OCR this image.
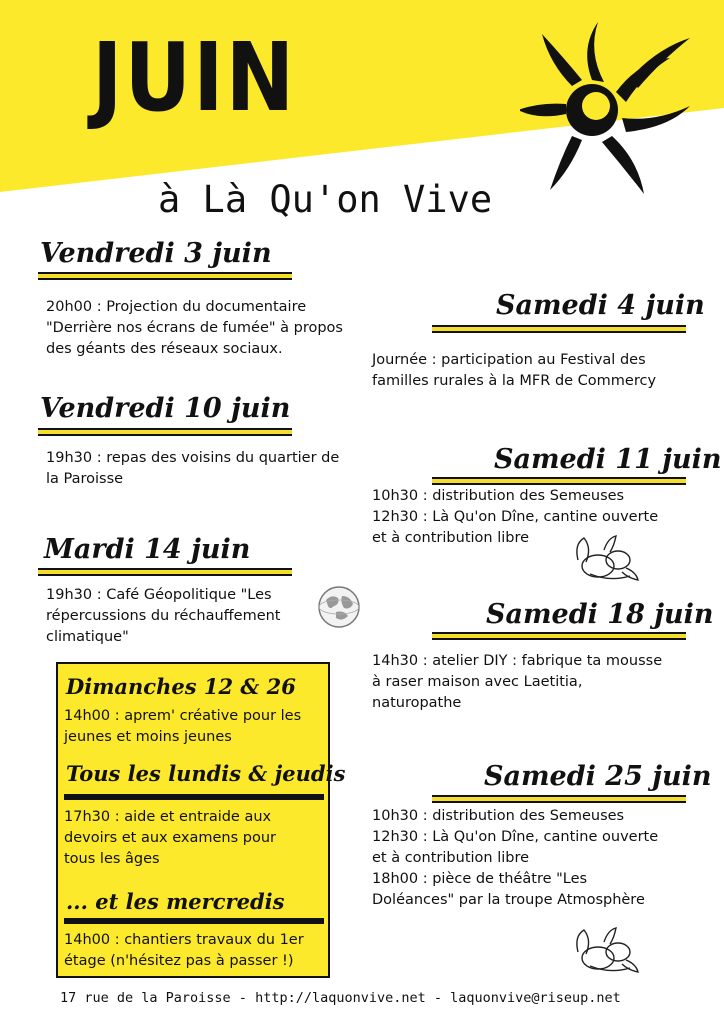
JUIN
à Là Qu'on Vive
Vendredi 3 juin

20h00 : Projection du documentaire

"Derrière nos écrans de fumée" à propos

des géants des réseaux sociaux.

Vendredi 10 juin

19h30 : repas des voisins du quartier de

la Paroisse

Mardi 14 juin

19h30 : Café Géopolitique "Les

répercussions du réchauffement

climatique"

Samedi 4 juin

Journée : participation au Festival des

familles rurales à la MFR de Commercy

Samedi 11 juin

10h30 : distribution des Semeuses

12h30 : Là Qu'on Dîne, cantine ouverte

et à contribution libre

Samedi 18 juin

14h30 : atelier DIY : fabrique ta mousse

à raser maison avec Laetitia,

naturopathe

Samedi 25 juin

10h30 : distribution des Semeuses

12h30 : Là Qu'on Dîne, cantine ouverte

et à contribution libre

18h00 : pièce de théâtre "Les

Doléances" par la troupe Atmosphère

Dimanches 12 & 26

14h00 : aprem' créative pour les

jeunes et moins jeunes

Tous les lundis & jeudis

17h30 : aide et entraide aux

devoirs et aux examens pour

tous les âges

... et les mercredis

14h00 : chantiers travaux du 1er

étage (n'hésitez pas à passer !)

17 rue de la Paroisse - http://laquonvive.net - laquonvive@riseup.net
